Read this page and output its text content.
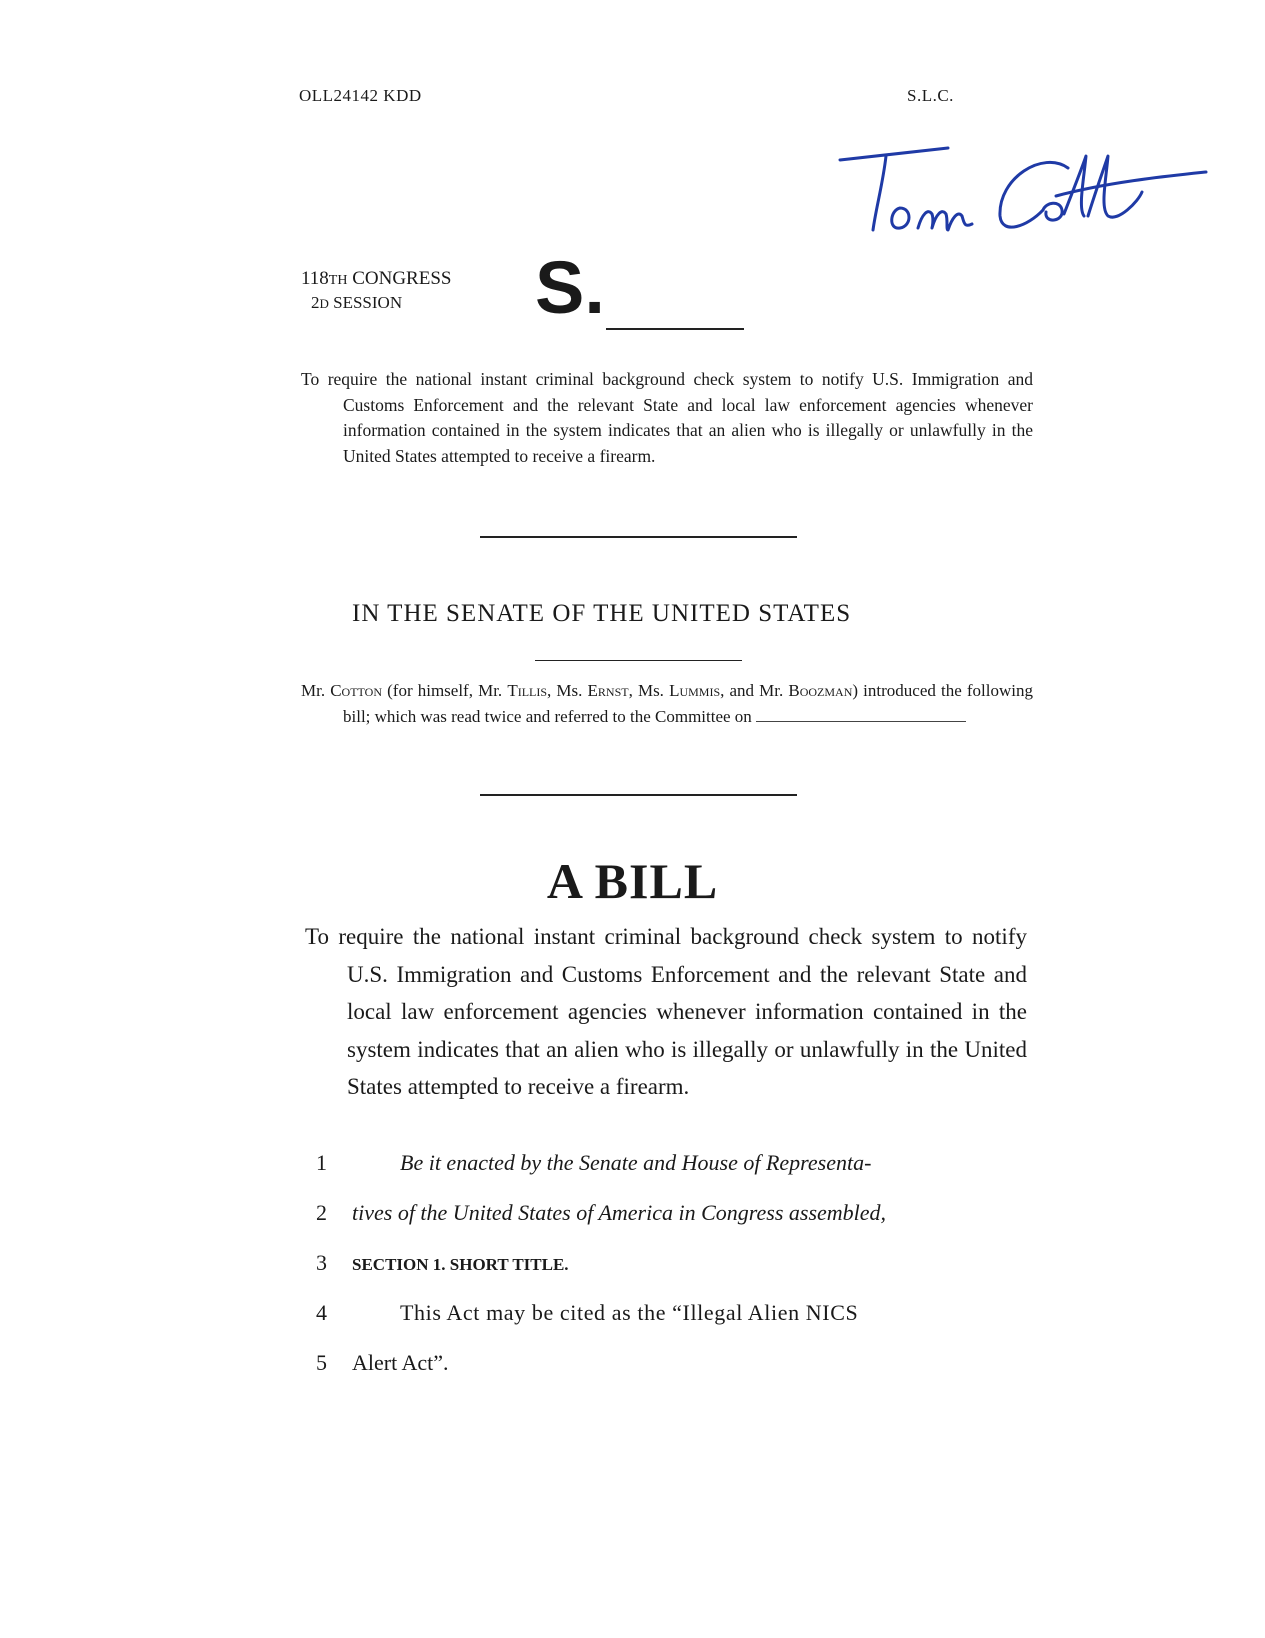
OLL24142 KDD	S.L.C.
118TH CONGRESS
2D SESSION	S.
To require the national instant criminal background check system to notify U.S. Immigration and Customs Enforcement and the relevant State and local law enforcement agencies whenever information contained in the system indicates that an alien who is illegally or unlawfully in the United States attempted to receive a firearm.
IN THE SENATE OF THE UNITED STATES
Mr. Cotton (for himself, Mr. Tillis, Ms. Ernst, Ms. Lummis, and Mr. Boozman) introduced the following bill; which was read twice and referred to the Committee on
A BILL
To require the national instant criminal background check system to notify U.S. Immigration and Customs Enforcement and the relevant State and local law enforcement agencies whenever information contained in the system indicates that an alien who is illegally or unlawfully in the United States attempted to receive a firearm.
1	Be it enacted by the Senate and House of Representa-
2	tives of the United States of America in Congress assembled,
3	SECTION 1. SHORT TITLE.
4	This Act may be cited as the “Illegal Alien NICS
5	Alert Act”.
